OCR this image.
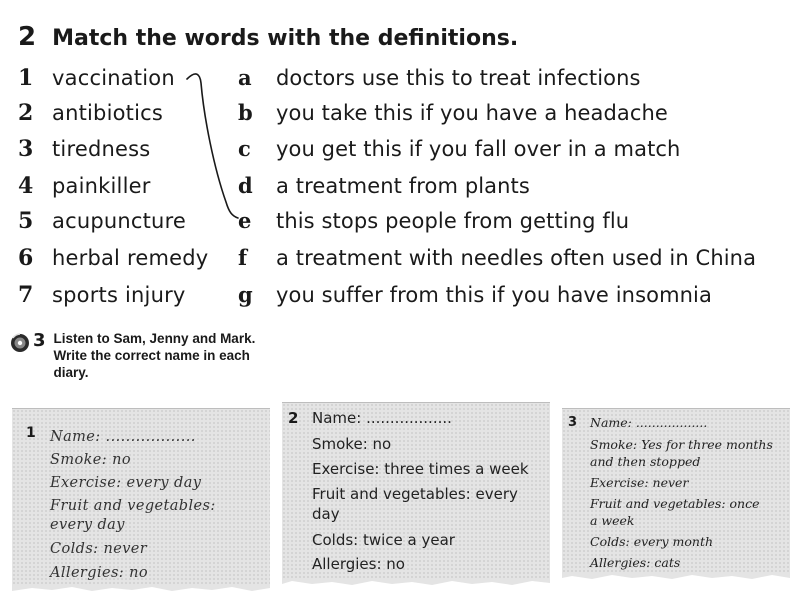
2 Match the words with the definitions.
1 vaccination	a doctors use this to treat infections
2 antibiotics	b you take this if you have a headache
3 tiredness	c you get this if you fall over in a match
4 painkiller	d a treatment from plants
5 acupuncture e this stops people from getting flu
6 herbal remedy f a treatment with needles often used in China
7 sports injury g you suffer from this if you have insomnia
3 Listen to Sam, Jenny and Mark. Write the correct name in each diary.
1 Name: ..................
Smoke: no
Exercise: every day
Fruit and vegetables:
every day
Colds: never
Allergies: no
2 Name: ..................
Smoke: no
Exercise: three times a week
Fruit and vegetables: every
day
Colds: twice a year
Allergies: no
3 Name: ..................
Smoke: Yes for three months
and then stopped
Exercise: never
Fruit and vegetables: once
a week
Colds: every month
Allergies: cats
